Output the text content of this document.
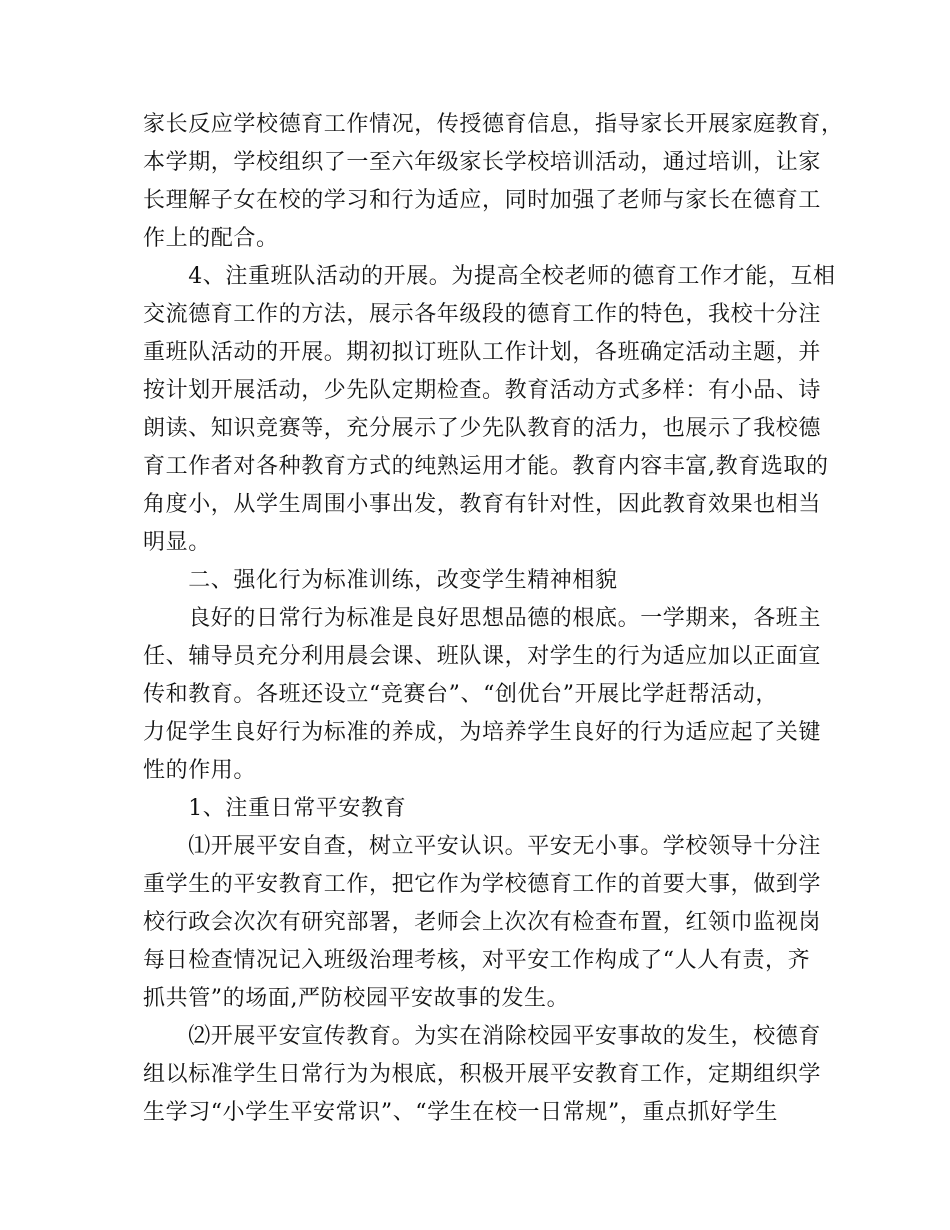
家长反应学校德育工作情况，传授德育信息，指导家长开展家庭教育，
本学期，学校组织了一至六年级家长学校培训活动，通过培训，让家
长理解子女在校的学习和行为适应，同时加强了老师与家长在德育工
作上的配合。
　　4、注重班队活动的开展。为提高全校老师的德育工作才能，互相
交流德育工作的方法，展示各年级段的德育工作的特色，我校十分注
重班队活动的开展。期初拟订班队工作计划，各班确定活动主题，并
按计划开展活动，少先队定期检查。教育活动方式多样：有小品、诗
朗读、知识竞赛等，充分展示了少先队教育的活力，也展示了我校德
育工作者对各种教育方式的纯熟运用才能。教育内容丰富,教育选取的
角度小，从学生周围小事出发，教育有针对性，因此教育效果也相当
明显。
　　二、强化行为标准训练，改变学生精神相貌
　　良好的日常行为标准是良好思想品德的根底。一学期来，各班主
任、辅导员充分利用晨会课、班队课，对学生的行为适应加以正面宣
传和教育。各班还设立“竞赛台”、“创优台”开展比学赶帮活动，
力促学生良好行为标准的养成，为培养学生良好的行为适应起了关键
性的作用。
　　1、注重日常平安教育
　　⑴开展平安自查，树立平安认识。平安无小事。学校领导十分注
重学生的平安教育工作，把它作为学校德育工作的首要大事，做到学
校行政会次次有研究部署，老师会上次次有检查布置，红领巾监视岗
每日检查情况记入班级治理考核，对平安工作构成了“人人有责，齐
抓共管”的场面,严防校园平安故事的发生。
　　⑵开展平安宣传教育。为实在消除校园平安事故的发生，校德育
组以标准学生日常行为为根底，积极开展平安教育工作，定期组织学
生学习“小学生平安常识”、“学生在校一日常规”，重点抓好学生
